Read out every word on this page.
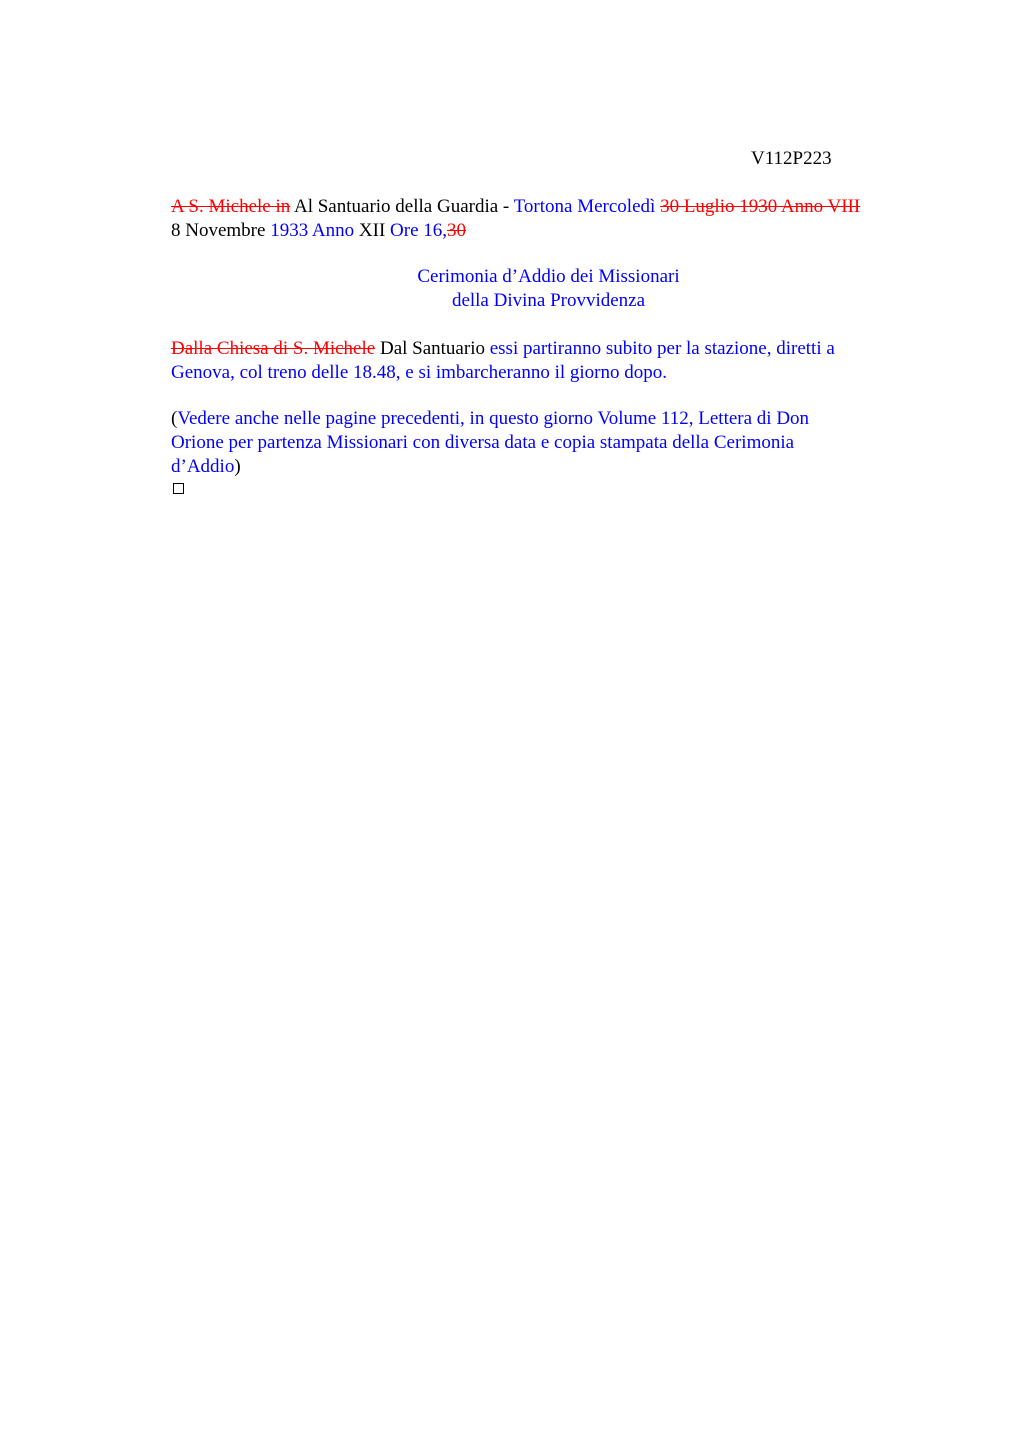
V112P223
A S. Michele in Al Santuario della Guardia - Tortona Mercoledì 30 Luglio 1930 Anno VIII
8 Novembre 1933 Anno XII Ore 16,30
Cerimonia d’Addio dei Missionari
della Divina Provvidenza
Dalla Chiesa di S. Michele Dal Santuario essi partiranno subito per la stazione, diretti a
Genova, col treno delle 18.48, e si imbarcheranno il giorno dopo.
(Vedere anche nelle pagine precedenti, in questo giorno Volume 112, Lettera di Don
Orione per partenza Missionari con diversa data e copia stampata della Cerimonia
d’Addio)
